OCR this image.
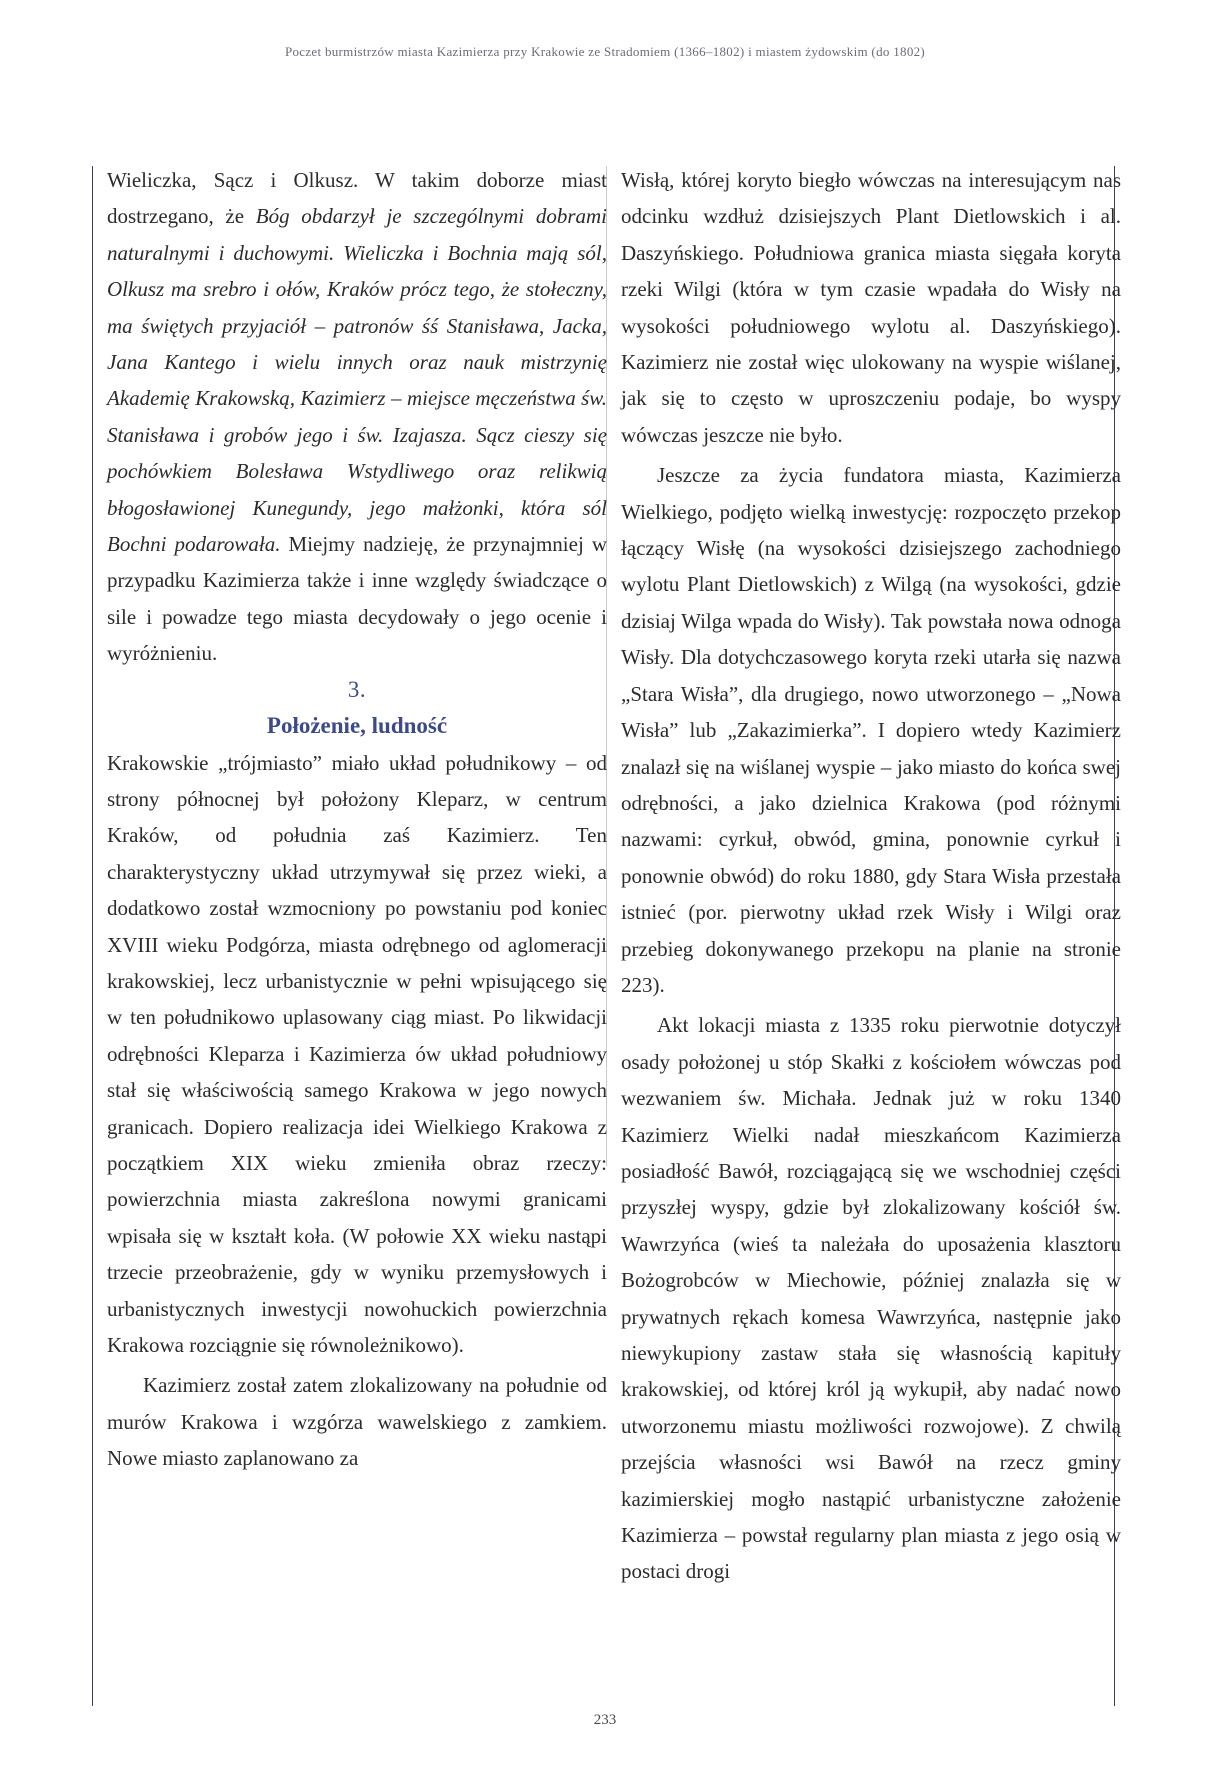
Poczet burmistrzów miasta Kazimierza przy Krakowie ze Stradomiem (1366–1802) i miastem żydowskim (do 1802)

Wieliczka, Sącz i Olkusz. W takim doborze miast dostrzegano, że Bóg obdarzył je szczególnymi dobrami naturalnymi i duchowymi. Wieliczka i Bochnia mają sól, Olkusz ma srebro i ołów, Kraków prócz tego, że stołeczny, ma świętych przyjaciół – patronów śś Stanisława, Jacka, Jana Kantego i wielu innych oraz nauk mistrzynię Akademię Krakowską, Kazimierz – miejsce męczeństwa św. Stanisława i grobów jego i św. Izajasza. Sącz cieszy się pochówkiem Bolesława Wstydliwego oraz relikwią błogosławionej Kunegundy, jego małżonki, która sól Bochni podarowała. Miejmy nadzieję, że przynajmniej w przypadku Kazimierza także i inne względy świadczące o sile i powadze tego miasta decydowały o jego ocenie i wyróżnieniu.

3.

Położenie, ludność

Krakowskie „trójmiasto” miało układ południkowy – od strony północnej był położony Kleparz, w centrum Kraków, od południa zaś Kazimierz. Ten charakterystyczny układ utrzymywał się przez wieki, a dodatkowo został wzmocniony po powstaniu pod koniec XVIII wieku Podgórza, miasta odrębnego od aglomeracji krakowskiej, lecz urbanistycznie w pełni wpisującego się w ten południkowo uplasowany ciąg miast. Po likwidacji odrębności Kleparza i Kazimierza ów układ południowy stał się właściwością samego Krakowa w jego nowych granicach. Dopiero realizacja idei Wielkiego Krakowa z początkiem XIX wieku zmieniła obraz rzeczy: powierzchnia miasta zakreślona nowymi granicami wpisała się w kształt koła. (W połowie XX wieku nastąpi trzecie przeobrażenie, gdy w wyniku przemysłowych i urbanistycznych inwestycji nowohuckich powierzchnia Krakowa rozciągnie się równoleżnikowo).

Kazimierz został zatem zlokalizowany na południe od murów Krakowa i wzgórza wawelskiego z zamkiem. Nowe miasto zaplanowano za

Wisłą, której koryto biegło wówczas na interesującym nas odcinku wzdłuż dzisiejszych Plant Dietlowskich i al. Daszyńskiego. Południowa granica miasta sięgała koryta rzeki Wilgi (która w tym czasie wpadała do Wisły na wysokości południowego wylotu al. Daszyńskiego). Kazimierz nie został więc ulokowany na wyspie wiślanej, jak się to często w uproszczeniu podaje, bo wyspy wówczas jeszcze nie było.

Jeszcze za życia fundatora miasta, Kazimierza Wielkiego, podjęto wielką inwestycję: rozpoczęto przekop łączący Wisłę (na wysokości dzisiejszego zachodniego wylotu Plant Dietlowskich) z Wilgą (na wysokości, gdzie dzisiaj Wilga wpada do Wisły). Tak powstała nowa odnoga Wisły. Dla dotychczasowego koryta rzeki utarła się nazwa „Stara Wisła”, dla drugiego, nowo utworzonego – „Nowa Wisła” lub „Zakazimierka”. I dopiero wtedy Kazimierz znalazł się na wiślanej wyspie – jako miasto do końca swej odrębności, a jako dzielnica Krakowa (pod różnymi nazwami: cyrkuł, obwód, gmina, ponownie cyrkuł i ponownie obwód) do roku 1880, gdy Stara Wisła przestała istnieć (por. pierwotny układ rzek Wisły i Wilgi oraz przebieg dokonywanego przekopu na planie na stronie 223).

Akt lokacji miasta z 1335 roku pierwotnie dotyczył osady położonej u stóp Skałki z kościołem wówczas pod wezwaniem św. Michała. Jednak już w roku 1340 Kazimierz Wielki nadał mieszkańcom Kazimierza posiadłość Bawół, rozciągającą się we wschodniej części przyszłej wyspy, gdzie był zlokalizowany kościół św. Wawrzyńca (wieś ta należała do uposażenia klasztoru Bożogrobców w Miechowie, później znalazła się w prywatnych rękach komesa Wawrzyńca, następnie jako niewykupiony zastaw stała się własnością kapituły krakowskiej, od której król ją wykupił, aby nadać nowo utworzonemu miastu możliwości rozwojowe). Z chwilą przejścia własności wsi Bawół na rzecz gminy kazimierskiej mogło nastąpić urbanistyczne założenie Kazimierza – powstał regularny plan miasta z jego osią w postaci drogi

233
